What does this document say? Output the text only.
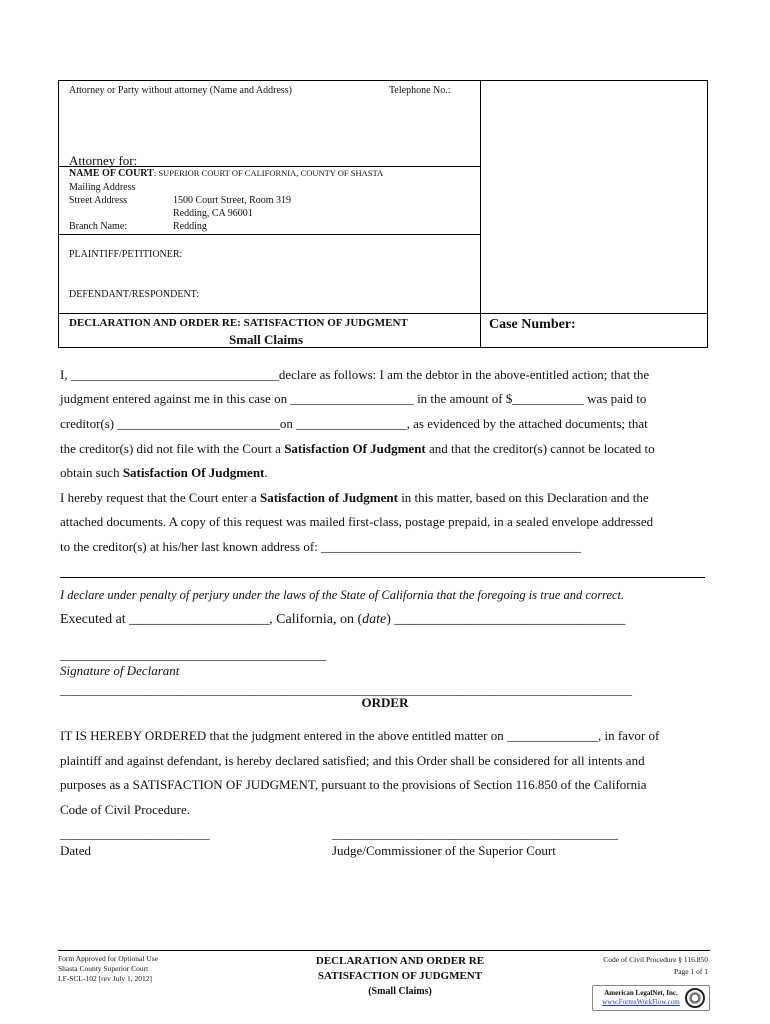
Attorney or Party without attorney (Name and Address)	Telephone No.:
Attorney for:
NAME OF COURT: SUPERIOR COURT OF CALIFORNIA, COUNTY OF SHASTA
Mailing Address
Street Address	1500 Court Street, Room 319
Redding, CA 96001
Branch Name:	Redding
PLAINTIFF/PETITIONER:
DEFENDANT/RESPONDENT:
DECLARATION AND ORDER RE: SATISFACTION OF JUDGMENT
Small Claims
Case Number:
I, ________________________________declare as follows: I am the debtor in the above-entitled action; that the
judgment entered against me in this case on ___________________ in the amount of $___________ was paid to
creditor(s) _________________________on _________________, as evidenced by the attached documents; that
the creditor(s) did not file with the Court a Satisfaction Of Judgment and that the creditor(s) cannot be located to
obtain such Satisfaction Of Judgment.
I hereby request that the Court enter a Satisfaction of Judgment in this matter, based on this Declaration and the
attached documents. A copy of this request was mailed first-class, postage prepaid, in a sealed envelope addressed
to the creditor(s) at his/her last known address of: ________________________________________
I declare under penalty of perjury under the laws of the State of California that the foregoing is true and correct.
Executed at ____________________, California, on (date) _________________________________
_________________________________________
Signature of Declarant
________________________________________________________________________________________
ORDER
IT IS HEREBY ORDERED that the judgment entered in the above entitled matter on ______________, in favor of
plaintiff and against defendant, is hereby declared satisfied; and this Order shall be considered for all intents and
purposes as a SATISFACTION OF JUDGMENT, pursuant to the provisions of Section 116.850 of the California
Code of Civil Procedure.
_______________________
Dated
____________________________________________
Judge/Commissioner of the Superior Court
Form Approved for Optional Use
Shasta County Superior Court
LF-SCL-102 [rev July 1, 2012]
DECLARATION AND ORDER RE
SATISFACTION OF JUDGMENT
(Small Claims)
Code of Civil Procedure § 116.850
Page 1 of 1
American LegalNet, Inc.
www.FormsWorkFlow.com
